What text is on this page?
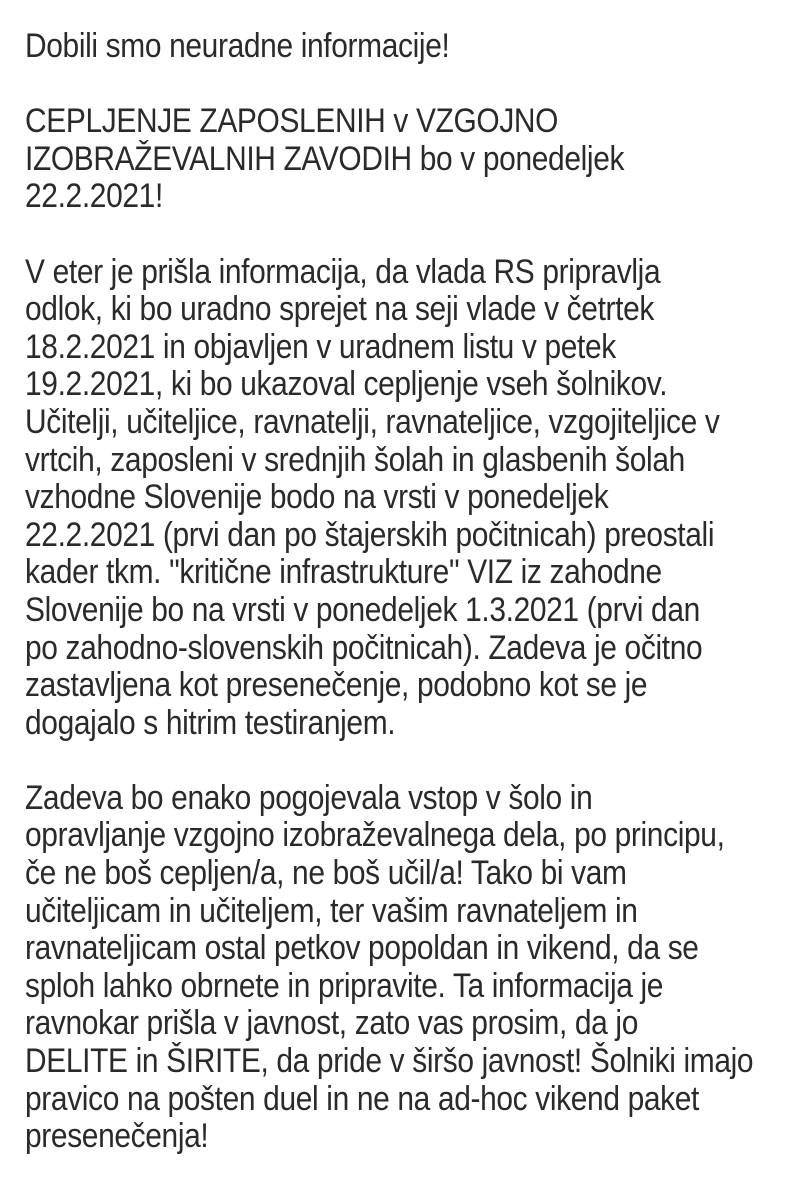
Dobili smo neuradne informacije!
CEPLJENJE ZAPOSLENIH v VZGOJNO
IZOBRAŽEVALNIH ZAVODIH bo v ponedeljek
22.2.2021!
V eter je prišla informacija, da vlada RS pripravlja
odlok, ki bo uradno sprejet na seji vlade v četrtek
18.2.2021 in objavljen v uradnem listu v petek
19.2.2021, ki bo ukazoval cepljenje vseh šolnikov.
Učitelji, učiteljice, ravnatelji, ravnateljice, vzgojiteljice v
vrtcih, zaposleni v srednjih šolah in glasbenih šolah
vzhodne Slovenije bodo na vrsti v ponedeljek
22.2.2021 (prvi dan po štajerskih počitnicah) preostali
kader tkm. "kritične infrastrukture" VIZ iz zahodne
Slovenije bo na vrsti v ponedeljek 1.3.2021 (prvi dan
po zahodno-slovenskih počitnicah). Zadeva je očitno
zastavljena kot presenečenje, podobno kot se je
dogajalo s hitrim testiranjem.
Zadeva bo enako pogojevala vstop v šolo in
opravljanje vzgojno izobraževalnega dela, po principu,
če ne boš cepljen/a, ne boš učil/a! Tako bi vam
učiteljicam in učiteljem, ter vašim ravnateljem in
ravnateljicam ostal petkov popoldan in vikend, da se
sploh lahko obrnete in pripravite. Ta informacija je
ravnokar prišla v javnost, zato vas prosim, da jo
DELITE in ŠIRITE, da pride v širšo javnost! Šolniki imajo
pravico na pošten duel in ne na ad-hoc vikend paket
presenečenja!
